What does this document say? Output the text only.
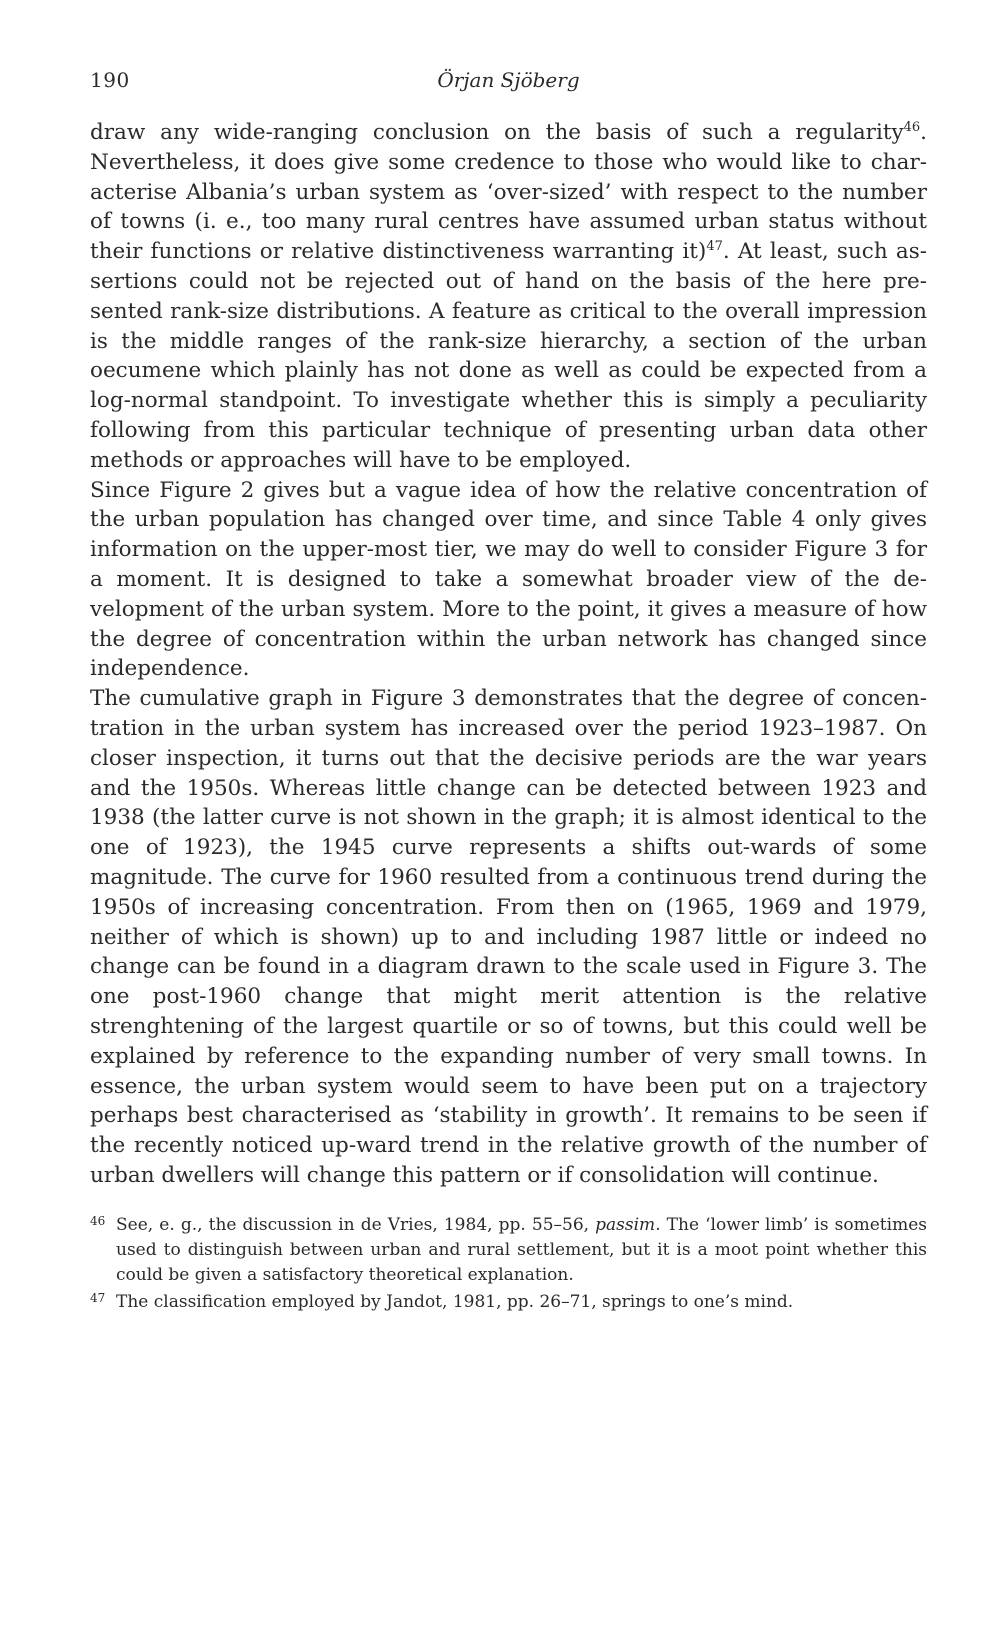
190	Örjan Sjöberg

draw any wide-ranging conclusion on the basis of such a regularity$^{46}$. Nevertheless, it does give some credence to those who would like to characterise Albania’s urban system as ‘over-sized’ with respect to the number of towns (i. e., too many rural centres have assumed urban status without their functions or relative distinctiveness warranting it)$^{47}$. At least, such assertions could not be rejected out of hand on the basis of the here presented rank-size distributions. A feature as critical to the overall impression is the middle ranges of the rank-size hierarchy, a section of the urban oecumene which plainly has not done as well as could be expected from a log-normal standpoint. To investigate whether this is simply a peculiarity following from this particular technique of presenting urban data other methods or approaches will have to be employed.

Since Figure 2 gives but a vague idea of how the relative concentration of the urban population has changed over time, and since Table 4 only gives information on the upper-most tier, we may do well to consider Figure 3 for a moment. It is designed to take a somewhat broader view of the development of the urban system. More to the point, it gives a measure of how the degree of concentration within the urban network has changed since independence.

The cumulative graph in Figure 3 demonstrates that the degree of concentration in the urban system has increased over the period 1923–1987. On closer inspection, it turns out that the decisive periods are the war years and the 1950s. Whereas little change can be detected between 1923 and 1938 (the latter curve is not shown in the graph; it is almost identical to the one of 1923), the 1945 curve represents a shifts out-wards of some magnitude. The curve for 1960 resulted from a continuous trend during the 1950s of increasing concentration. From then on (1965, 1969 and 1979, neither of which is shown) up to and including 1987 little or indeed no change can be found in a diagram drawn to the scale used in Figure 3. The one post-1960 change that might merit attention is the relative strenghtening of the largest quartile or so of towns, but this could well be explained by reference to the expanding number of very small towns. In essence, the urban system would seem to have been put on a trajectory perhaps best characterised as ‘stability in growth’. It remains to be seen if the recently noticed up-ward trend in the relative growth of the number of urban dwellers will change this pattern or if consolidation will continue.

46 See, e. g., the discussion in de Vries, 1984, pp. 55–56, passim. The ‘lower limb’ is sometimes used to distinguish between urban and rural settlement, but it is a moot point whether this could be given a satisfactory theoretical explanation.

47 The classification employed by Jandot, 1981, pp. 26–71, springs to one’s mind.
